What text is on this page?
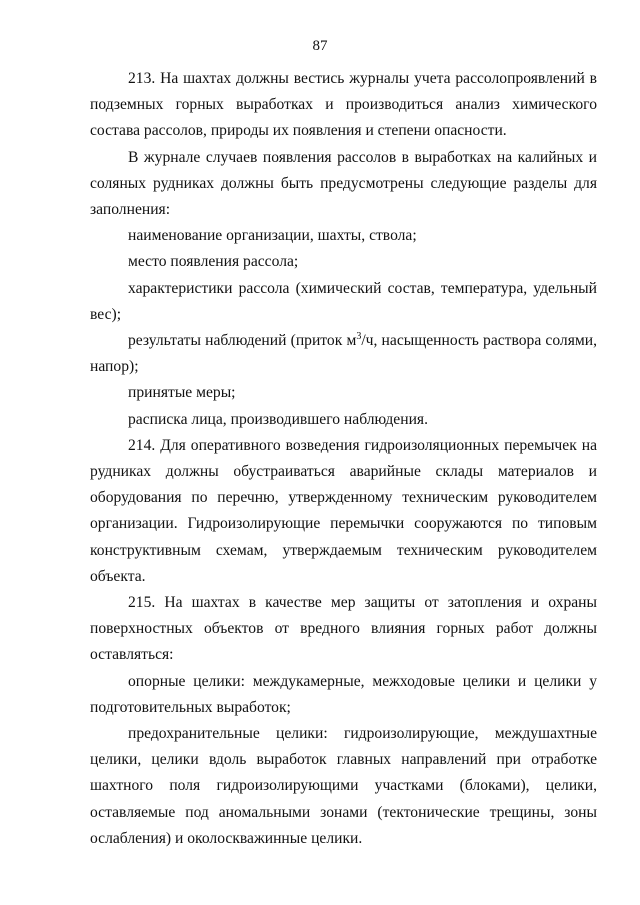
87

213. На шахтах должны вестись журналы учета рассолопроявлений в подземных горных выработках и производиться анализ химического состава рассолов, природы их появления и степени опасности.

В журнале случаев появления рассолов в выработках на калийных и соляных рудниках должны быть предусмотрены следующие разделы для заполнения:

наименование организации, шахты, ствола;

место появления рассола;

характеристики рассола (химический состав, температура, удельный вес);

результаты наблюдений (приток $м^3/ч$, насыщенность раствора солями, напор);

принятые меры;

расписка лица, производившего наблюдения.

214. Для оперативного возведения гидроизоляционных перемычек на рудниках должны обустраиваться аварийные склады материалов и оборудования по перечню, утвержденному техническим руководителем организации. Гидроизолирующие перемычки сооружаются по типовым конструктивным схемам, утверждаемым техническим руководителем объекта.

215. На шахтах в качестве мер защиты от затопления и охраны поверхностных объектов от вредного влияния горных работ должны оставляться:

опорные целики: междукамерные, межходовые целики и целики у подготовительных выработок;

предохранительные целики: гидроизолирующие, междушахтные целики, целики вдоль выработок главных направлений при отработке шахтного поля гидроизолирующими участками (блоками), целики, оставляемые под аномальными зонами (тектонические трещины, зоны ослабления) и околоскважинные целики.
